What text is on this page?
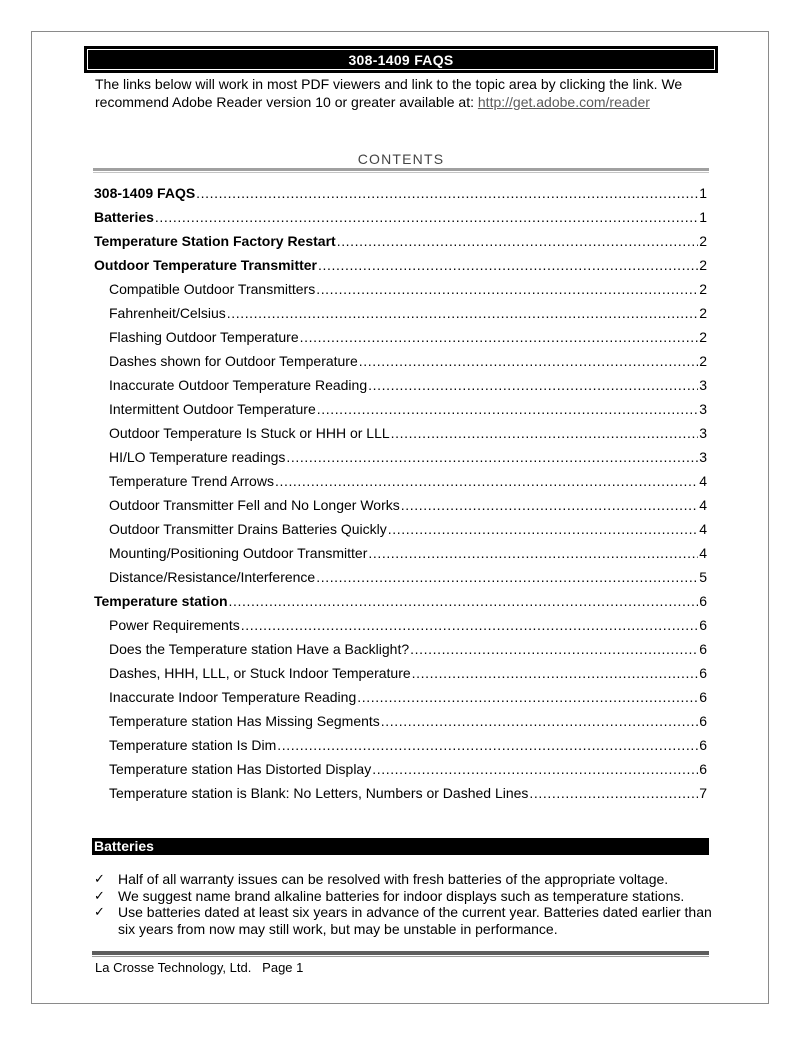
308-1409 FAQS
The links below will work in most PDF viewers and link to the topic area by clicking the link. We recommend Adobe Reader version 10 or greater available at: http://get.adobe.com/reader
CONTENTS
308-1409 FAQS .....	1
Batteries .....	1
Temperature Station Factory Restart .....	2
Outdoor Temperature Transmitter .....	2
Compatible Outdoor Transmitters .....	2
Fahrenheit/Celsius .....	2
Flashing Outdoor Temperature .....	2
Dashes shown for Outdoor Temperature .....	2
Inaccurate Outdoor Temperature Reading .....	3
Intermittent Outdoor Temperature .....	3
Outdoor Temperature Is Stuck or HHH or LLL .....	3
HI/LO Temperature readings .....	3
Temperature Trend Arrows .....	4
Outdoor Transmitter Fell and No Longer Works .....	4
Outdoor Transmitter Drains Batteries Quickly .....	4
Mounting/Positioning Outdoor Transmitter .....	4
Distance/Resistance/Interference .....	5
Temperature station .....	6
Power Requirements .....	6
Does the Temperature station Have a Backlight? .....	6
Dashes, HHH, LLL, or Stuck Indoor Temperature .....	6
Inaccurate Indoor Temperature Reading .....	6
Temperature station Has Missing Segments .....	6
Temperature station Is Dim .....	6
Temperature station Has Distorted Display .....	6
Temperature station is Blank: No Letters, Numbers or Dashed Lines .....	7
Batteries
✓ Half of all warranty issues can be resolved with fresh batteries of the appropriate voltage.
✓ We suggest name brand alkaline batteries for indoor displays such as temperature stations.
✓ Use batteries dated at least six years in advance of the current year. Batteries dated earlier than six years from now may still work, but may be unstable in performance.
La Crosse Technology, Ltd.   Page 1
